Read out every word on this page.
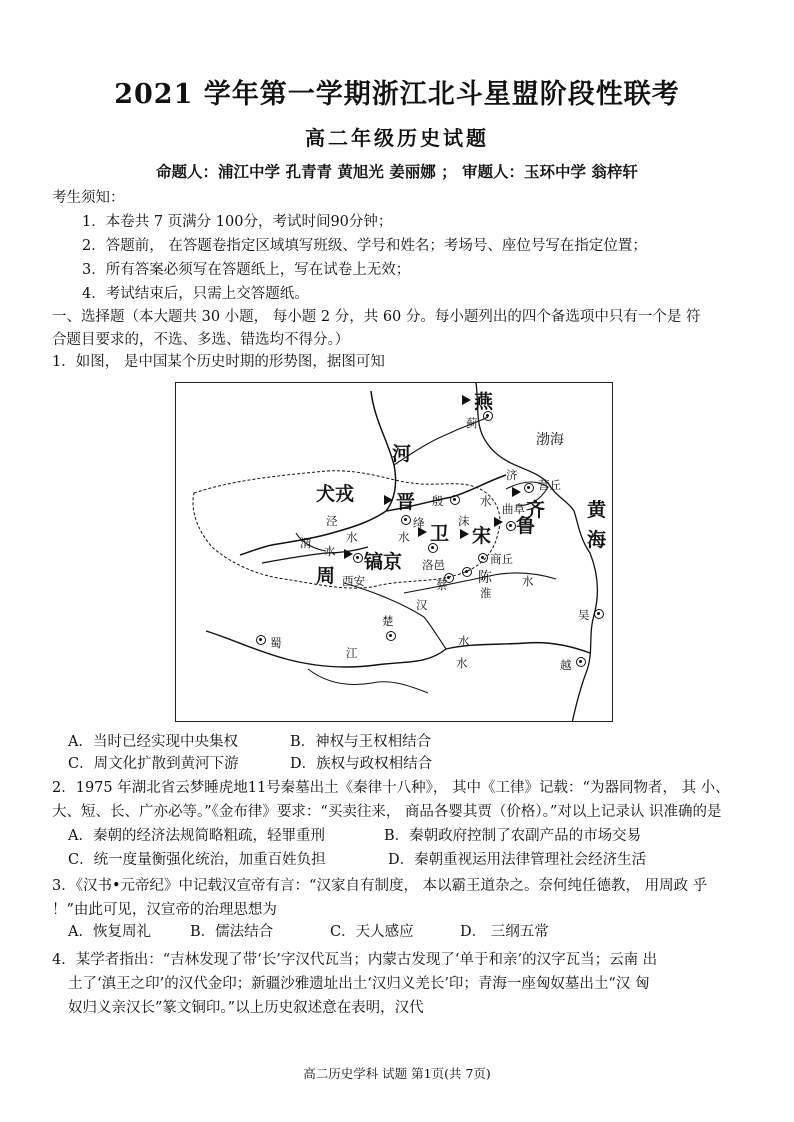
2021 学年第一学期浙江北斗星盟阶段性联考
高二年级历史试题
命题人：浦江中学 孔青青 黄旭光 姜丽娜 ； 审题人：玉环中学 翁梓轩
考生须知：
1．本卷共 7 页满分 100分，考试时间90分钟；
2．答题前， 在答题卷指定区域填写班级、学号和姓名；考场号、座位号写在指定位置；
3．所有答案必须写在答题纸上，写在试卷上无效；
4．考试结束后，只需上交答题纸。
一、选择题（本大题共 30 小题， 每小题 2 分，共 60 分。每小题列出的四个备选项中只有一个是 符
合题目要求的，不选、多选、错选均不得分。）
1．如图， 是中国某个历史时期的形势图，据图可知
燕
蓟
渤海
黄
海
河
犬戎 晋
绛
殷
沫
卫 宋
济
水
曲阜
营丘
齐
鲁
泾
水
渭
水
水
镐京
周 西安
洛邑	商丘
蔡 陈
淮
水
汉
水
楚
蜀
江
水
吴
越
A．当时已经实现中央集权	B．神权与王权相结合
C．周文化扩散到黄河下游	D．族权与政权相结合
2．1975 年湖北省云梦睡虎地11号秦墓出土《秦律十八种》， 其中《工律》记载：“为器同物者， 其 小、
大、短、长、广亦必等。”《金布律》要求：“买卖往来， 商品各婴其贾（价格）。”对以上记录认 识准确的是
A．秦朝的经济法规简略粗疏，轻罪重刑	B．秦朝政府控制了农副产品的市场交易
C．统一度量衡强化统治，加重百姓负担	D．秦朝重视运用法律管理社会经济生活
3．《汉书•元帝纪》中记载汉宣帝有言：“汉家自有制度， 本以霸王道杂之。奈何纯任德教， 用周政 乎
！”由此可见，汉宣帝的治理思想为
A．恢复周礼	B．儒法结合	C．天人感应	D． 三纲五常
4．某学者指出：“吉林发现了带‘长’字汉代瓦当；内蒙古发现了‘单于和亲’的汉字瓦当；云南 出
土了‘滇王之印’的汉代金印；新疆沙雅遗址出土‘汉归义羌长’印；青海一座匈奴墓出土“汉 匈
奴归义亲汉长”篆文铜印。”以上历史叙述意在表明，汉代
高二历史学科 试题 第1页(共 7页)
